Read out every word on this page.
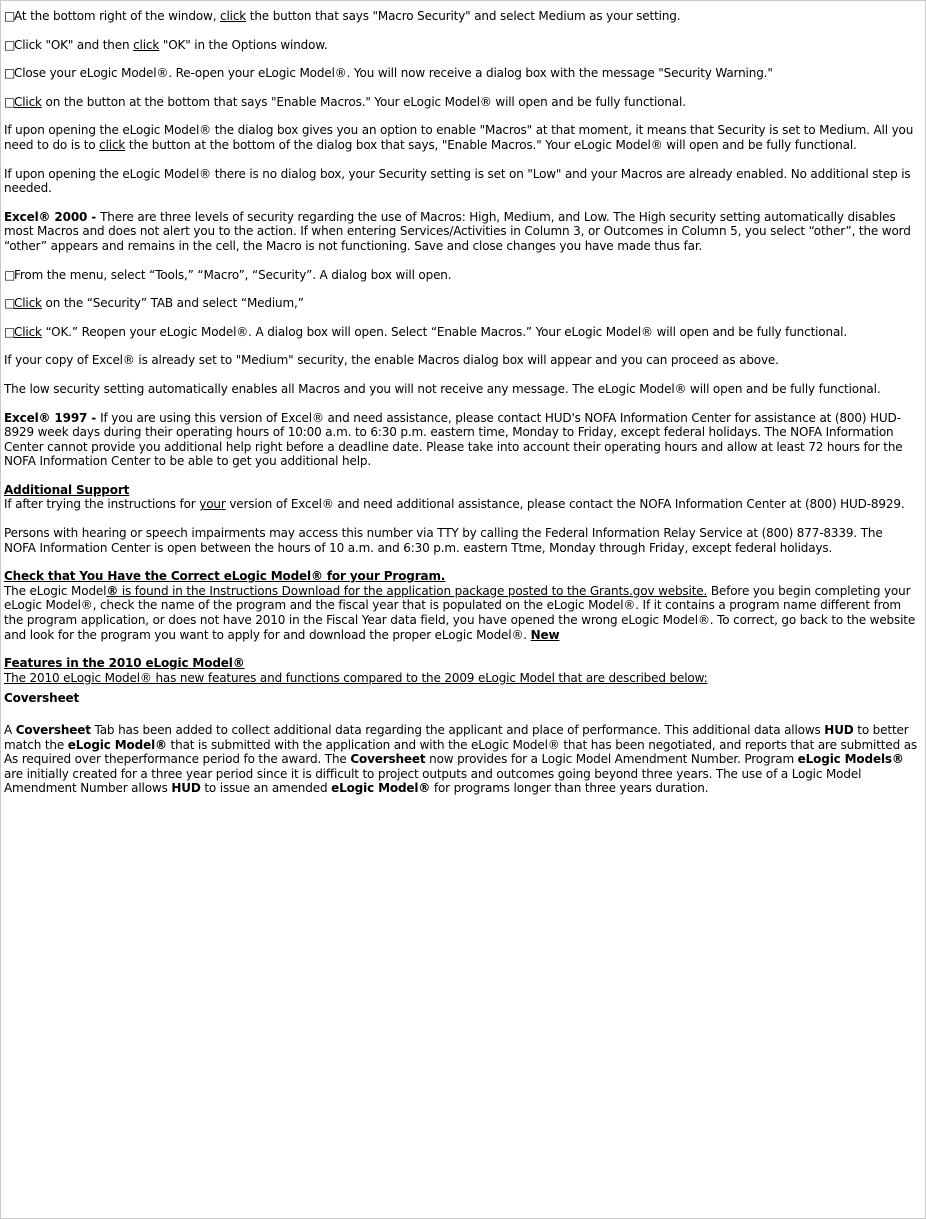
□At the bottom right of the window, click the button that says "Macro Security" and select Medium as your setting.

□Click "OK" and then click "OK" in the Options window.

□Close your eLogic Model®. Re-open your eLogic Model®. You will now receive a dialog box with the message "Security Warning."

□Click on the button at the bottom that says "Enable Macros." Your eLogic Model® will open and be fully functional.

If upon opening the eLogic Model® the dialog box gives you an option to enable "Macros" at that moment, it means that Security is set to Medium. All you need to do is to click the button at the bottom of the dialog box that says, "Enable Macros." Your eLogic Model® will open and be fully functional.

If upon opening the eLogic Model® there is no dialog box, your Security setting is set on "Low" and your Macros are already enabled. No additional step is needed.

Excel® 2000 - There are three levels of security regarding the use of Macros: High, Medium, and Low. The High security setting automatically disables most Macros and does not alert you to the action. If when entering Services/Activities in Column 3, or Outcomes in Column 5, you select “other”, the word “other” appears and remains in the cell, the Macro is not functioning. Save and close changes you have made thus far.

□From the menu, select “Tools,” “Macro”, “Security”. A dialog box will open.

□Click on the “Security” TAB and select “Medium,”

□Click “OK.” Reopen your eLogic Model®. A dialog box will open. Select “Enable Macros.” Your eLogic Model® will open and be fully functional.

If your copy of Excel® is already set to "Medium" security, the enable Macros dialog box will appear and you can proceed as above.

The low security setting automatically enables all Macros and you will not receive any message. The eLogic Model® will open and be fully functional.

Excel® 1997 - If you are using this version of Excel® and need assistance, please contact HUD's NOFA Information Center for assistance at (800) HUD-8929 week days during their operating hours of 10:00 a.m. to 6:30 p.m. eastern time, Monday to Friday, except federal holidays. The NOFA Information Center cannot provide you additional help right before a deadline date. Please take into account their operating hours and allow at least 72 hours for the NOFA Information Center to be able to get you additional help.

Additional Support

If after trying the instructions for your version of Excel® and need additional assistance, please contact the NOFA Information Center at (800) HUD-8929.

Persons with hearing or speech impairments may access this number via TTY by calling the Federal Information Relay Service at (800) 877-8339. The NOFA Information Center is open between the hours of 10 a.m. and 6:30 p.m. eastern Ttme, Monday through Friday, except federal holidays.

Check that You Have the Correct eLogic Model® for your Program.

The eLogic Model® is found in the Instructions Download for the application package posted to the Grants.gov website. Before you begin completing your eLogic Model®, check the name of the program and the fiscal year that is populated on the eLogic Model®. If it contains a program name different from the program application, or does not have 2010 in the Fiscal Year data field, you have opened the wrong eLogic Model®. To correct, go back to the website and look for the program you want to apply for and download the proper eLogic Model®. New

Features in the 2010 eLogic Model®
The 2010 eLogic Model® has new features and functions compared to the 2009 eLogic Model that are described below:
Coversheet

A Coversheet Tab has been added to collect additional data regarding the applicant and place of performance. This additional data allows HUD to better match the eLogic Model® that is submitted with the application and with the eLogic Model® that has been negotiated, and reports that are submitted as As required over theperformance period fo the award. The Coversheet now provides for a Logic Model Amendment Number. Program eLogic Models® are initially created for a three year period since it is difficult to project outputs and outcomes going beyond three years. The use of a Logic Model Amendment Number allows HUD to issue an amended eLogic Model® for programs longer than three years duration.
